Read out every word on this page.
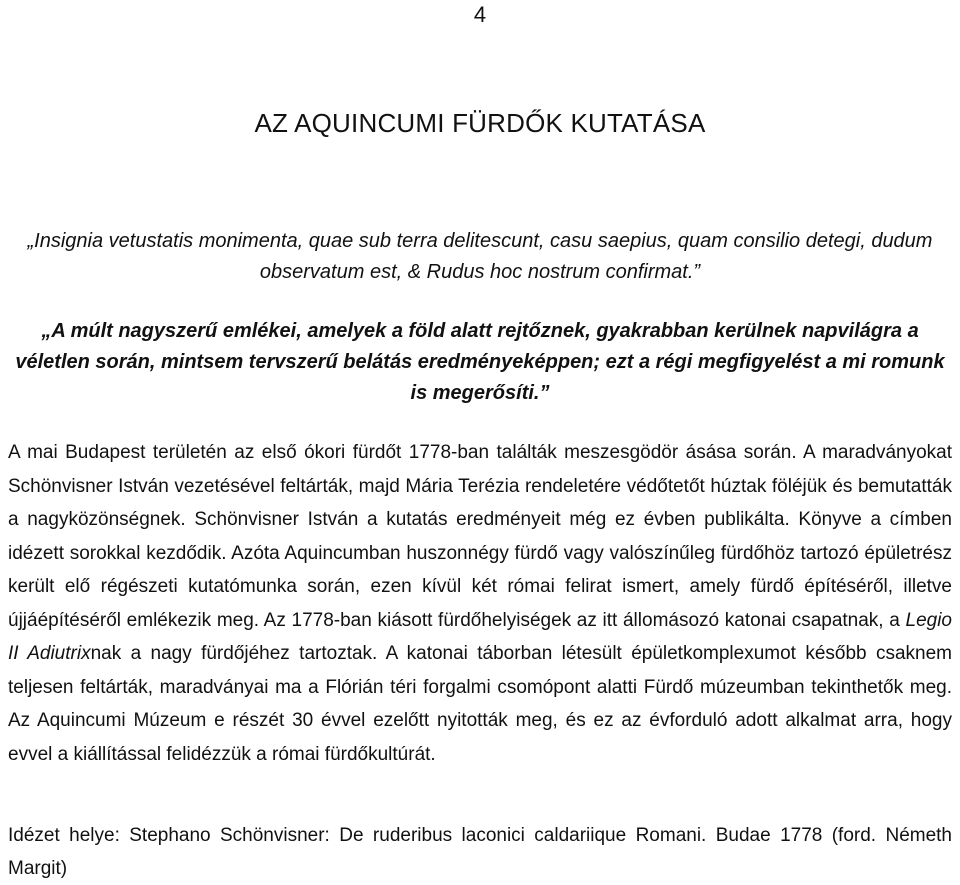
4
AZ AQUINCUMI FÜRDŐK KUTATÁSA
„Insignia vetustatis monimenta, quae sub terra delitescunt, casu saepius, quam consilio detegi, dudum observatum est, & Rudus hoc nostrum confirmat.”
„A múlt nagyszerű emlékei, amelyek a föld alatt rejtőznek, gyakrabban kerülnek napvilágra a véletlen során, mintsem tervszerű belátás eredményeképpen; ezt a régi megfigyelést a mi romunk is megerősíti.”

A mai Budapest területén az első ókori fürdőt 1778-ban találták meszesgödör ásása során. A maradványokat Schönvisner István vezetésével feltárták, majd Mária Terézia rendeletére védőtetőt húztak föléjük és bemutatták a nagyközönségnek. Schönvisner István a kutatás eredményeit még ez évben publikálta. Könyve a címben idézett sorokkal kezdődik. Azóta Aquincumban huszonnégy fürdő vagy valószínűleg fürdőhöz tartozó épületrész került elő régészeti kutatómunka során, ezen kívül két római felirat ismert, amely fürdő építéséről, illetve újjáépítéséről emlékezik meg. Az 1778-ban kiásott fürdőhelyiségek az itt állomásozó katonai csapatnak, a Legio II Adiutrixnak a nagy fürdőjéhez tartoztak. A katonai táborban létesült épületkomplexumot később csaknem teljesen feltárták, maradványai ma a Flórián téri forgalmi csomópont alatti Fürdő múzeumban tekinthetők meg. Az Aquincumi Múzeum e részét 30 évvel ezelőtt nyitották meg, és ez az évforduló adott alkalmat arra, hogy evvel a kiállítással felidézzük a római fürdőkultúrát.

Idézet helye: Stephano Schönvisner: De ruderibus laconici caldariique Romani. Budae 1778 (ford. Németh Margit)
